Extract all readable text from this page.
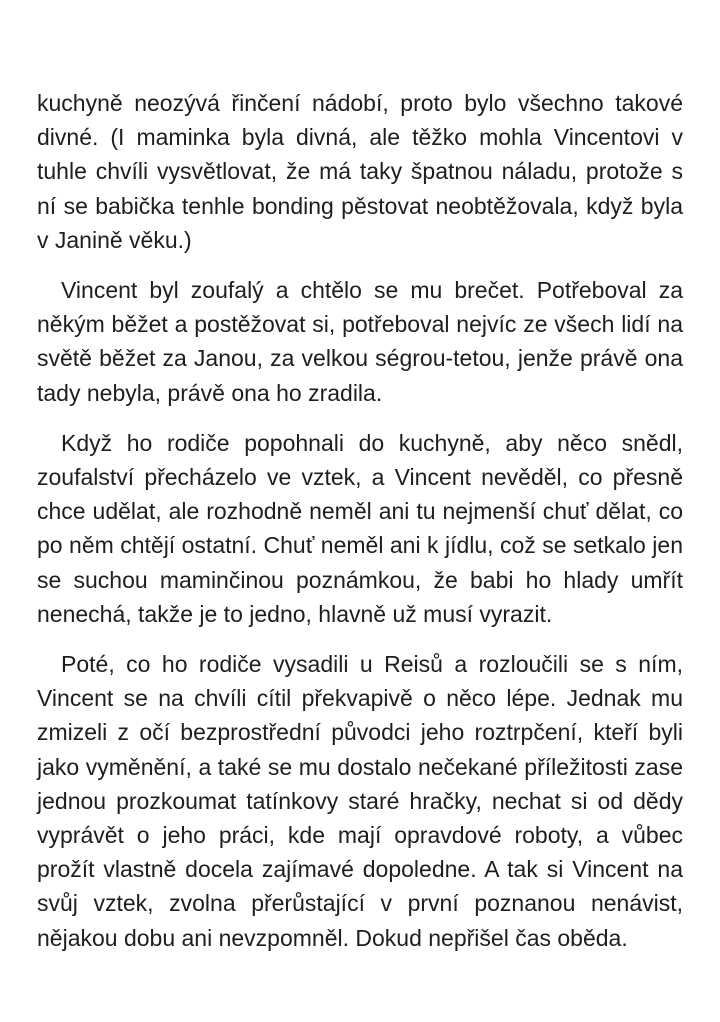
kuchyně neozývá řinčení nádobí, proto bylo všechno takové divné. (I maminka byla divná, ale těžko mohla Vincentovi v tuhle chvíli vysvětlovat, že má taky špatnou náladu, protože s ní se babička tenhle bonding pěstovat neobtěžovala, když byla v Janině věku.)

Vincent byl zoufalý a chtělo se mu brečet. Potřeboval za někým běžet a postěžovat si, potřeboval nejvíc ze všech lidí na světě běžet za Janou, za velkou ségrou-tetou, jenže právě ona tady nebyla, právě ona ho zradila.

Když ho rodiče popohnali do kuchyně, aby něco snědl, zoufalství přecházelo ve vztek, a Vincent nevěděl, co přesně chce udělat, ale rozhodně neměl ani tu nejmenší chuť dělat, co po něm chtějí ostatní. Chuť neměl ani k jídlu, což se setkalo jen se suchou maminčinou poznámkou, že babi ho hlady umřít nenechá, takže je to jedno, hlavně už musí vyrazit.

Poté, co ho rodiče vysadili u Reisů a rozloučili se s ním, Vincent se na chvíli cítil překvapivě o něco lépe. Jednak mu zmizeli z očí bezprostřední původci jeho roztrpčení, kteří byli jako vyměnění, a také se mu dostalo nečekané příležitosti zase jednou prozkoumat tatínkovy staré hračky, nechat si od dědy vyprávět o jeho práci, kde mají opravdové roboty, a vůbec prožít vlastně docela zajímavé dopoledne. A tak si Vincent na svůj vztek, zvolna přerůstající v první poznanou nenávist, nějakou dobu ani nevzpomněl. Dokud nepřišel čas oběda.
